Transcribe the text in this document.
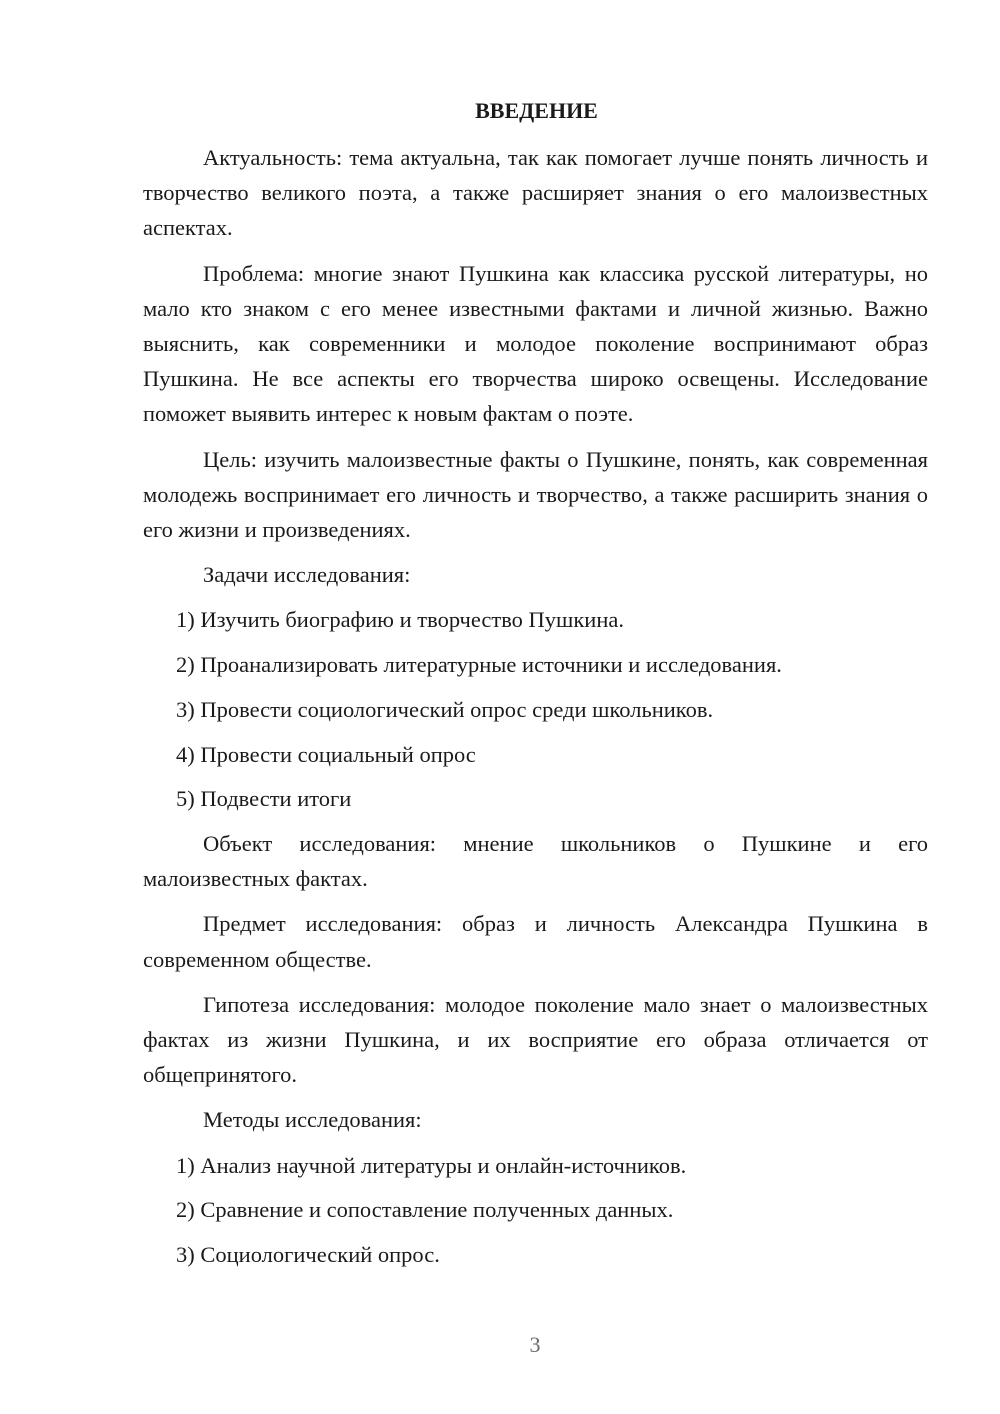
ВВЕДЕНИЕ

Актуальность: тема актуальна, так как помогает лучше понять личность и творчество великого поэта, а также расширяет знания о его малоизвестных аспектах.

Проблема: многие знают Пушкина как классика русской литературы, но мало кто знаком с его менее известными фактами и личной жизнью. Важно выяснить, как современники и молодое поколение воспринимают образ Пушкина. Не все аспекты его творчества широко освещены. Исследование поможет выявить интерес к новым фактам о поэте.

Цель: изучить малоизвестные факты о Пушкине, понять, как современная молодежь воспринимает его личность и творчество, а также расширить знания о его жизни и произведениях.

Задачи исследования:

1) Изучить биографию и творчество Пушкина.
2) Проанализировать литературные источники и исследования.
3) Провести социологический опрос среди школьников.
4) Провести социальный опрос
5) Подвести итоги

Объект исследования: мнение школьников о Пушкине и его малоизвестных фактах.

Предмет исследования: образ и личность Александра Пушкина в современном обществе.

Гипотеза исследования: молодое поколение мало знает о малоизвестных фактах из жизни Пушкина, и их восприятие его образа отличается от общепринятого.

Методы исследования:

1) Анализ научной литературы и онлайн-источников.
2) Сравнение и сопоставление полученных данных.
3) Социологический опрос.
3
